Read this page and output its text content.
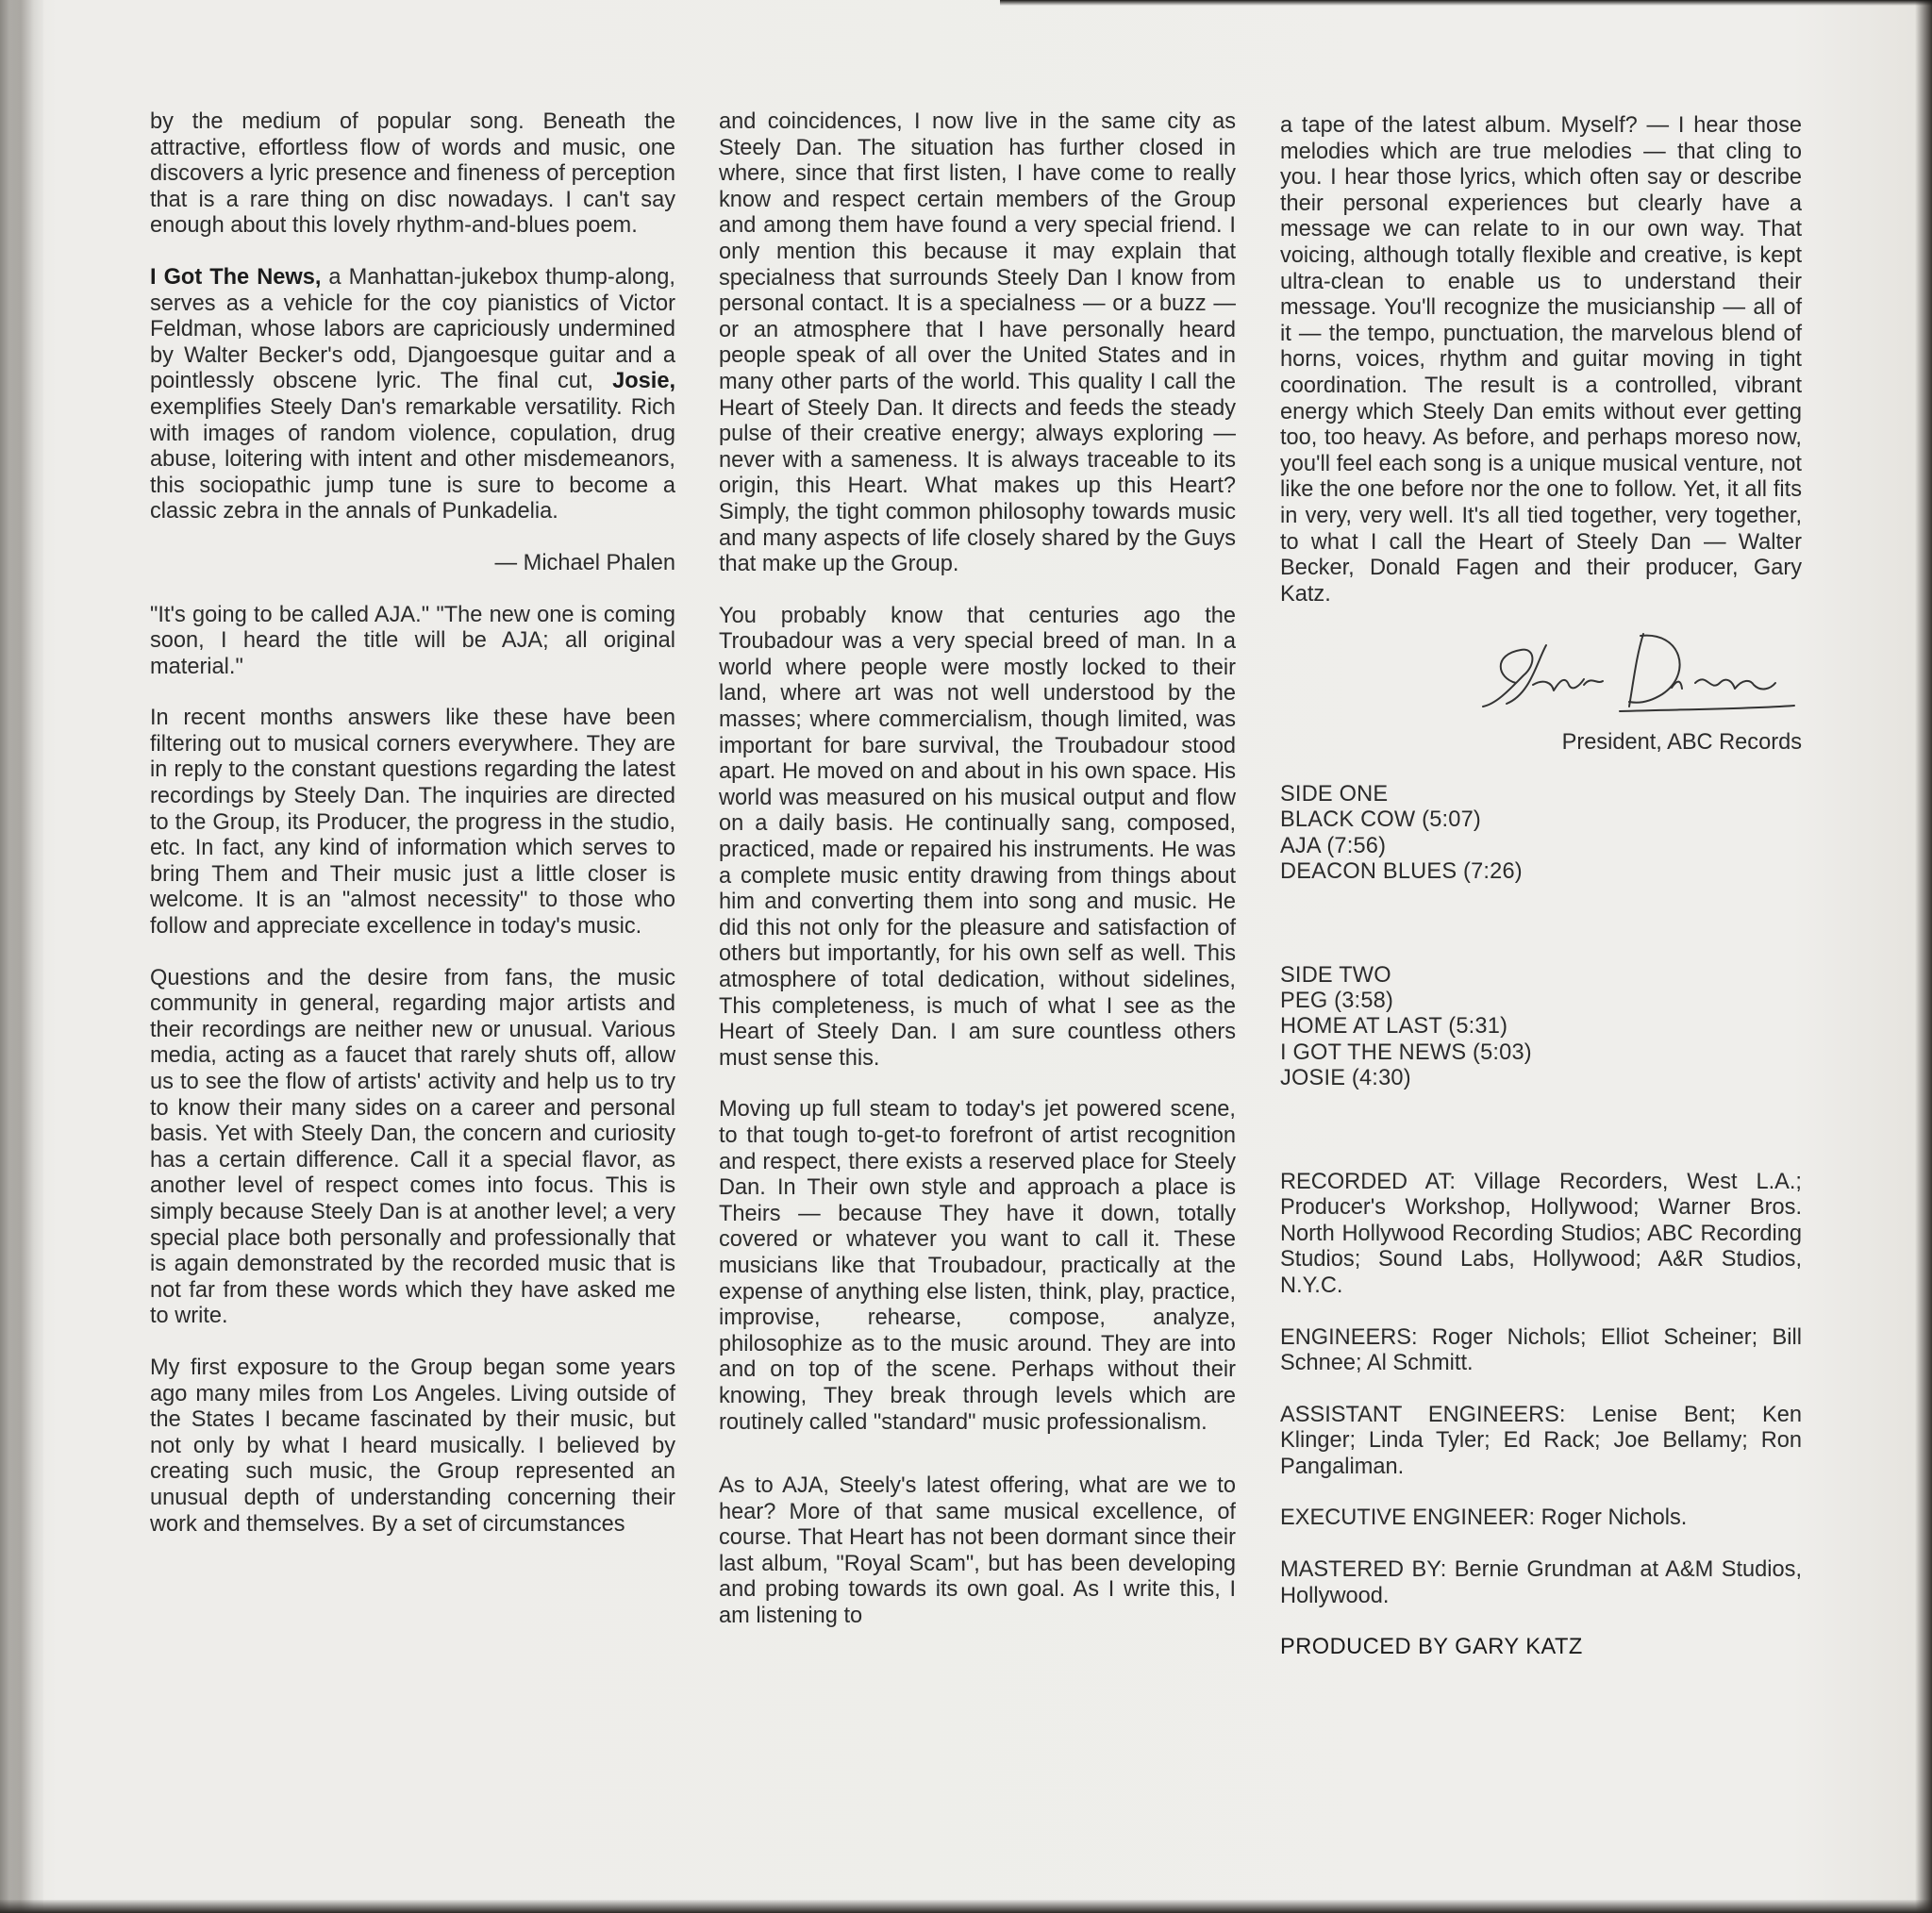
by the medium of popular song. Beneath the attractive, effortless flow of words and music, one discovers a lyric presence and fineness of perception that is a rare thing on disc nowadays. I can't say enough about this lovely rhythm-and-blues poem.

I Got The News, a Manhattan-jukebox thump-along, serves as a vehicle for the coy pianistics of Victor Feldman, whose labors are capriciously undermined by Walter Becker's odd, Djangoesque guitar and a pointlessly obscene lyric. The final cut, Josie, exemplifies Steely Dan's remarkable versatility. Rich with images of random violence, copulation, drug abuse, loitering with intent and other misdemeanors, this sociopathic jump tune is sure to become a classic zebra in the annals of Punkadelia.

— Michael Phalen

"It's going to be called AJA." "The new one is coming soon, I heard the title will be AJA; all original material."

In recent months answers like these have been filtering out to musical corners everywhere. They are in reply to the constant questions regarding the latest recordings by Steely Dan. The inquiries are directed to the Group, its Producer, the progress in the studio, etc. In fact, any kind of information which serves to bring Them and Their music just a little closer is welcome. It is an "almost necessity" to those who follow and appreciate excellence in today's music.

Questions and the desire from fans, the music community in general, regarding major artists and their recordings are neither new or unusual. Various media, acting as a faucet that rarely shuts off, allow us to see the flow of artists' activity and help us to try to know their many sides on a career and personal basis. Yet with Steely Dan, the concern and curiosity has a certain difference. Call it a special flavor, as another level of respect comes into focus. This is simply because Steely Dan is at another level; a very special place both personally and professionally that is again demonstrated by the recorded music that is not far from these words which they have asked me to write.

My first exposure to the Group began some years ago many miles from Los Angeles. Living outside of the States I became fascinated by their music, but not only by what I heard musically. I believed by creating such music, the Group represented an unusual depth of understanding concerning their work and themselves. By a set of circumstances

and coincidences, I now live in the same city as Steely Dan. The situation has further closed in where, since that first listen, I have come to really know and respect certain members of the Group and among them have found a very special friend. I only mention this because it may explain that specialness that surrounds Steely Dan I know from personal contact. It is a specialness — or a buzz — or an atmosphere that I have personally heard people speak of all over the United States and in many other parts of the world. This quality I call the Heart of Steely Dan. It directs and feeds the steady pulse of their creative energy; always exploring — never with a sameness. It is always traceable to its origin, this Heart. What makes up this Heart? Simply, the tight common philosophy towards music and many aspects of life closely shared by the Guys that make up the Group.

You probably know that centuries ago the Troubadour was a very special breed of man. In a world where people were mostly locked to their land, where art was not well understood by the masses; where commercialism, though limited, was important for bare survival, the Troubadour stood apart. He moved on and about in his own space. His world was measured on his musical output and flow on a daily basis. He continually sang, composed, practiced, made or repaired his instruments. He was a complete music entity drawing from things about him and converting them into song and music. He did this not only for the pleasure and satisfaction of others but importantly, for his own self as well. This atmosphere of total dedication, without sidelines, This completeness, is much of what I see as the Heart of Steely Dan. I am sure countless others must sense this.

Moving up full steam to today's jet powered scene, to that tough to-get-to forefront of artist recognition and respect, there exists a reserved place for Steely Dan. In Their own style and approach a place is Theirs — because They have it down, totally covered or whatever you want to call it. These musicians like that Troubadour, practically at the expense of anything else listen, think, play, practice, improvise, rehearse, compose, analyze, philosophize as to the music around. They are into and on top of the scene. Perhaps without their knowing, They break through levels which are routinely called "standard" music professionalism.

As to AJA, Steely's latest offering, what are we to hear? More of that same musical excellence, of course. That Heart has not been dormant since their last album, "Royal Scam", but has been developing and probing towards its own goal. As I write this, I am listening to

a tape of the latest album. Myself? — I hear those melodies which are true melodies — that cling to you. I hear those lyrics, which often say or describe their personal experiences but clearly have a message we can relate to in our own way. That voicing, although totally flexible and creative, is kept ultra-clean to enable us to understand their message. You'll recognize the musicianship — all of it — the tempo, punctuation, the marvelous blend of horns, voices, rhythm and guitar moving in tight coordination. The result is a controlled, vibrant energy which Steely Dan emits without ever getting too, too heavy. As before, and perhaps moreso now, you'll feel each song is a unique musical venture, not like the one before nor the one to follow. Yet, it all fits in very, very well. It's all tied together, very together, to what I call the Heart of Steely Dan — Walter Becker, Donald Fagen and their producer, Gary Katz.

President, ABC Records

SIDE ONE
BLACK COW (5:07)
AJA (7:56)
DEACON BLUES (7:26)
SIDE TWO
PEG (3:58)
HOME AT LAST (5:31)
I GOT THE NEWS (5:03)
JOSIE (4:30)

RECORDED AT: Village Recorders, West L.A.; Producer's Workshop, Hollywood; Warner Bros. North Hollywood Recording Studios; ABC Recording Studios; Sound Labs, Hollywood; A&R Studios, N.Y.C.

ENGINEERS: Roger Nichols; Elliot Scheiner; Bill Schnee; Al Schmitt.

ASSISTANT ENGINEERS: Lenise Bent; Ken Klinger; Linda Tyler; Ed Rack; Joe Bellamy; Ron Pangaliman.

EXECUTIVE ENGINEER: Roger Nichols.

MASTERED BY: Bernie Grundman at A&M Studios, Hollywood.

PRODUCED BY GARY KATZ
